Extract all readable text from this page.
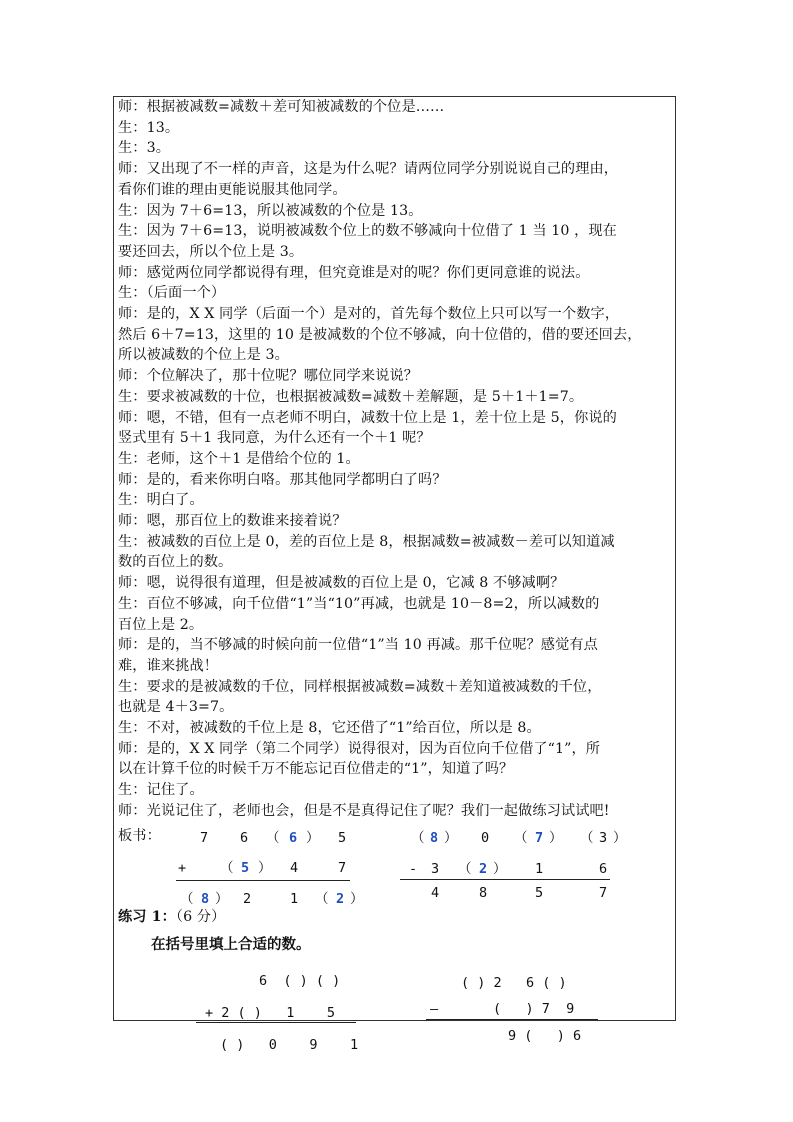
师：根据被减数=减数＋差可知被减数的个位是……
生：13。
生：3。
师：又出现了不一样的声音，这是为什么呢？请两位同学分别说说自己的理由，
看你们谁的理由更能说服其他同学。
生：因为 7＋6=13，所以被减数的个位是 13。
生：因为 7＋6=13，说明被减数个位上的数不够减向十位借了 1 当 10 ，现在
要还回去，所以个位上是 3。
师：感觉两位同学都说得有理，但究竟谁是对的呢？你们更同意谁的说法。
生：（后面一个）
师：是的，X X 同学（后面一个）是对的，首先每个数位上只可以写一个数字，
然后 6＋7=13，这里的 10 是被减数的个位不够减，向十位借的，借的要还回去，
所以被减数的个位上是 3。
师：个位解决了，那十位呢？哪位同学来说说？
生：要求被减数的十位，也根据被减数=减数＋差解题，是 5＋1＋1=7。
师：嗯，不错，但有一点老师不明白，减数十位上是 1，差十位上是 5，你说的
竖式里有 5＋1 我同意，为什么还有一个＋1 呢？
生：老师，这个＋1 是借给个位的 1。
师：是的，看来你明白咯。那其他同学都明白了吗？
生：明白了。
师：嗯，那百位上的数谁来接着说？
生：被减数的百位上是 0，差的百位上是 8，根据减数=被减数－差可以知道减
数的百位上的数。
师：嗯，说得很有道理，但是被减数的百位上是 0，它减 8 不够减啊？
生：百位不够减，向千位借“1”当“10”再减，也就是 10－8=2，所以减数的
百位上是 2。
师：是的，当不够减的时候向前一位借“1”当 10 再减。那千位呢？感觉有点
难，谁来挑战！
生：要求的是被减数的千位，同样根据被减数=减数＋差知道被减数的千位，
也就是 4＋3=7。
生：不对，被减数的千位上是 8，它还借了“1”给百位，所以是 8。
师：是的，X X 同学（第二个同学）说得很对，因为百位向千位借了“1”，所
以在计算千位的时候千万不能忘记百位借走的“1”，知道了吗？
生：记住了。
师：光说记住了，老师也会，但是不是真得记住了呢？我们一起做练习试试吧!
板书：	7 6 （ 6 ） 5
+	（ 5 ） 4	7
（ 8 ） 2	1 （ 2 ）
（ 8 ） 0 （ 7 ） （ 3 ）
- 3 （ 2 ） 1	6
4	8	5	7
练习 1：（6 分）
在括号里填上合适的数。
6  ( ) ( )
+ 2 ( )   1    5
( )   0    9    1
( ) 2   6 ( )
–	(   ) 7  9
9 (   ) 6
